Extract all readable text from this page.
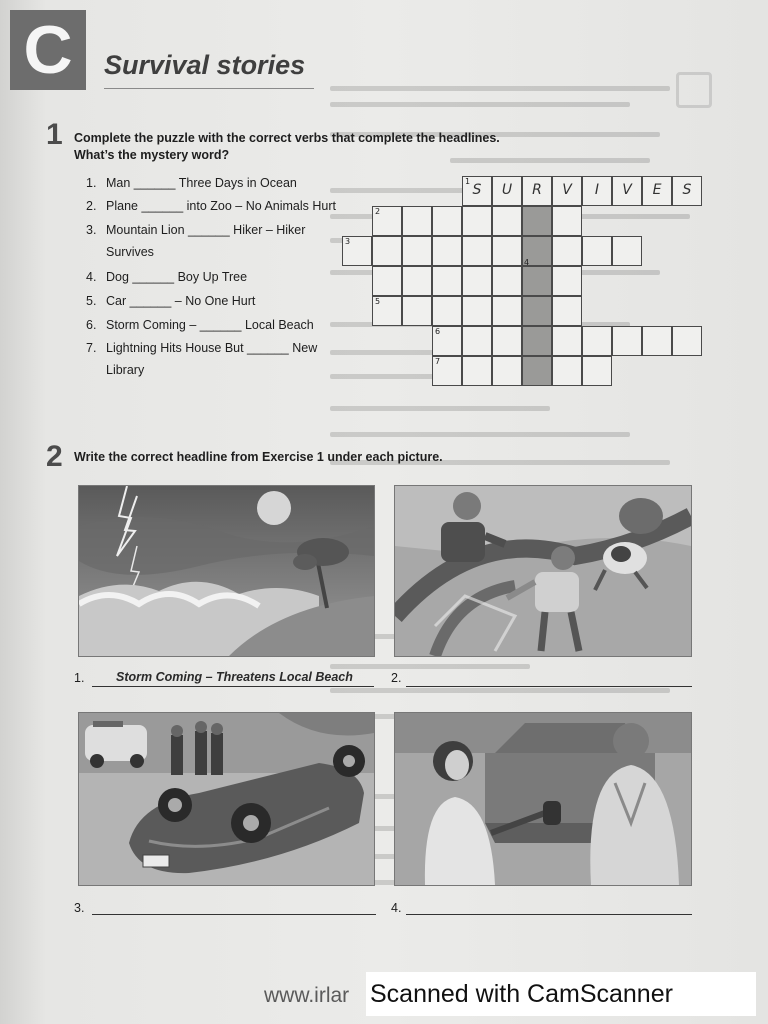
C	Survival stories
1 Complete the puzzle with the correct verbs that complete the headlines.
What’s the mystery word?
1. Man ______ Three Days in Ocean
2. Plane ______ into Zoo – No Animals Hurt
3. Mountain Lion ______ Hiker – Hiker Survives
4. Dog ______ Boy Up Tree
5. Car ______ – No One Hurt
6. Storm Coming – ______ Local Beach
7. Lightning Hits House But ______ New Library
1
S	U	R	V	I	V	E	S
2
3
5
6
7
4
2 Write the correct headline from Exercise 1 under each picture.
1.	Storm Coming – Threatens Local Beach	2.
3.	4.
www.irlar Scanned with CamScanner
